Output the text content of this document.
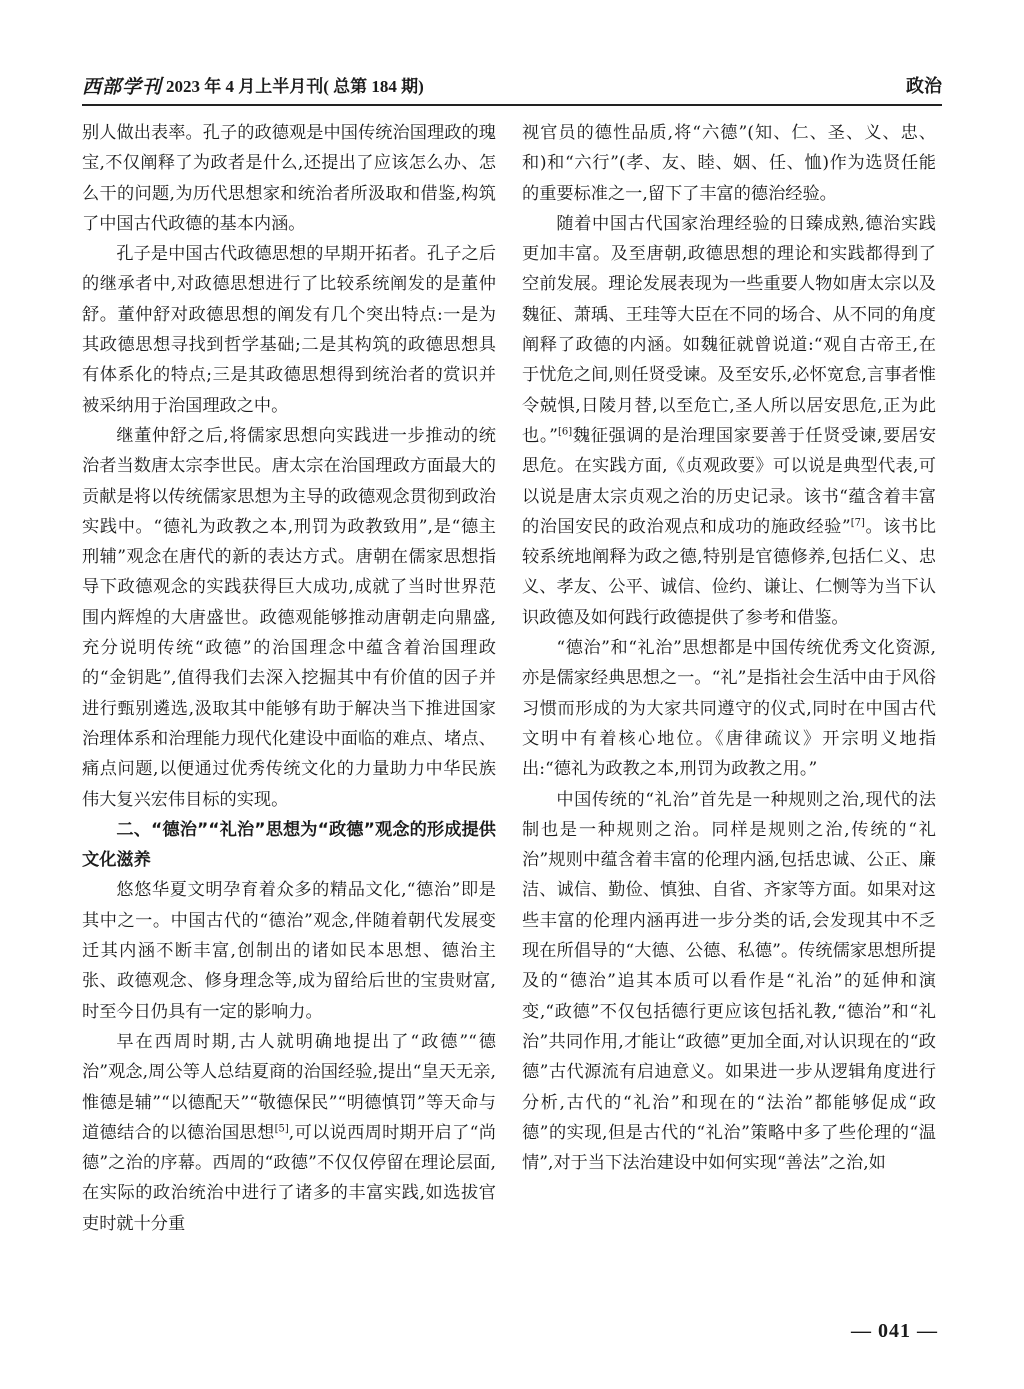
西部学刊 2023 年 4 月上半月刊( 总第 184 期)	政治

别人做出表率。孔子的政德观是中国传统治国理政的瑰宝,不仅阐释了为政者是什么,还提出了应该怎么办、怎么干的问题,为历代思想家和统治者所汲取和借鉴,构筑了中国古代政德的基本内涵。

孔子是中国古代政德思想的早期开拓者。孔子之后的继承者中,对政德思想进行了比较系统阐发的是董仲舒。董仲舒对政德思想的阐发有几个突出特点:一是为其政德思想寻找到哲学基础;二是其构筑的政德思想具有体系化的特点;三是其政德思想得到统治者的赏识并被采纳用于治国理政之中。

继董仲舒之后,将儒家思想向实践进一步推动的统治者当数唐太宗李世民。唐太宗在治国理政方面最大的贡献是将以传统儒家思想为主导的政德观念贯彻到政治实践中。“德礼为政教之本,刑罚为政教致用”,是“德主刑辅”观念在唐代的新的表达方式。唐朝在儒家思想指导下政德观念的实践获得巨大成功,成就了当时世界范围内辉煌的大唐盛世。政德观能够推动唐朝走向鼎盛,充分说明传统“政德”的治国理念中蕴含着治国理政的“金钥匙”,值得我们去深入挖掘其中有价值的因子并进行甄别遴选,汲取其中能够有助于解决当下推进国家治理体系和治理能力现代化建设中面临的难点、堵点、痛点问题,以便通过优秀传统文化的力量助力中华民族伟大复兴宏伟目标的实现。

二、“德治”“礼治”思想为“政德”观念的形成提供文化滋养

悠悠华夏文明孕育着众多的精品文化,“德治”即是其中之一。中国古代的“德治”观念,伴随着朝代发展变迁其内涵不断丰富,创制出的诸如民本思想、德治主张、政德观念、修身理念等,成为留给后世的宝贵财富,时至今日仍具有一定的影响力。

早在西周时期,古人就明确地提出了“政德”“德治”观念,周公等人总结夏商的治国经验,提出“皇天无亲,惟德是辅”“以德配天”“敬德保民”“明德慎罚”等天命与道德结合的以德治国思想[5],可以说西周时期开启了“尚德”之治的序幕。西周的“政德”不仅仅停留在理论层面,在实际的政治统治中进行了诸多的丰富实践,如选拔官吏时就十分重

视官员的德性品质,将“六德”(知、仁、圣、义、忠、和)和“六行”(孝、友、睦、姻、任、恤)作为选贤任能的重要标准之一,留下了丰富的德治经验。

随着中国古代国家治理经验的日臻成熟,德治实践更加丰富。及至唐朝,政德思想的理论和实践都得到了空前发展。理论发展表现为一些重要人物如唐太宗以及魏征、萧瑀、王珪等大臣在不同的场合、从不同的角度阐释了政德的内涵。如魏征就曾说道:“观自古帝王,在于忧危之间,则任贤受谏。及至安乐,必怀宽怠,言事者惟令兢惧,日陵月替,以至危亡,圣人所以居安思危,正为此也。”[6]魏征强调的是治理国家要善于任贤受谏,要居安思危。在实践方面,《贞观政要》可以说是典型代表,可以说是唐太宗贞观之治的历史记录。该书“蕴含着丰富的治国安民的政治观点和成功的施政经验”[7]。该书比较系统地阐释为政之德,特别是官德修养,包括仁义、忠义、孝友、公平、诚信、俭约、谦让、仁恻等为当下认识政德及如何践行政德提供了参考和借鉴。

“德治”和“礼治”思想都是中国传统优秀文化资源,亦是儒家经典思想之一。“礼”是指社会生活中由于风俗习惯而形成的为大家共同遵守的仪式,同时在中国古代文明中有着核心地位。《唐律疏议》开宗明义地指出:“德礼为政教之本,刑罚为政教之用。”

中国传统的“礼治”首先是一种规则之治,现代的法制也是一种规则之治。同样是规则之治,传统的“礼治”规则中蕴含着丰富的伦理内涵,包括忠诚、公正、廉洁、诚信、勤俭、慎独、自省、齐家等方面。如果对这些丰富的伦理内涵再进一步分类的话,会发现其中不乏现在所倡导的“大德、公德、私德”。传统儒家思想所提及的“德治”追其本质可以看作是“礼治”的延伸和演变,“政德”不仅包括德行更应该包括礼教,“德治”和“礼治”共同作用,才能让“政德”更加全面,对认识现在的“政德”古代源流有启迪意义。如果进一步从逻辑角度进行分析,古代的“礼治”和现在的“法治”都能够促成“政德”的实现,但是古代的“礼治”策略中多了些伦理的“温情”,对于当下法治建设中如何实现“善法”之治,如

— 041 —
